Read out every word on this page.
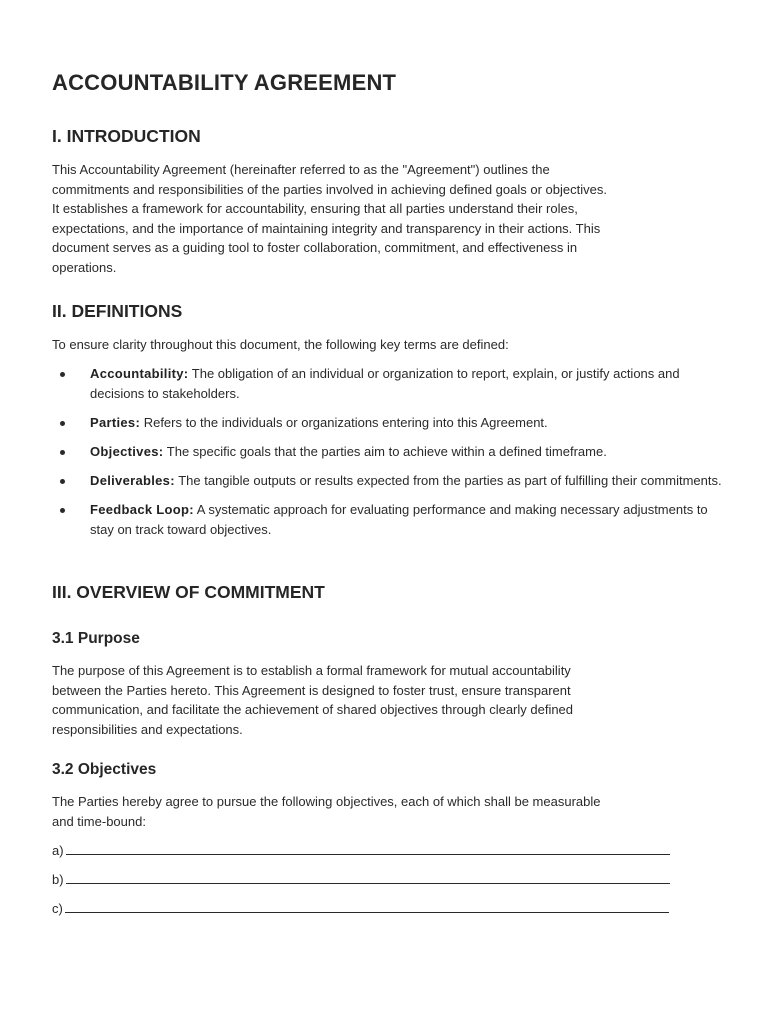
ACCOUNTABILITY AGREEMENT
I. INTRODUCTION

This Accountability Agreement (hereinafter referred to as the "Agreement") outlines the
commitments and responsibilities of the parties involved in achieving defined goals or objectives.
It establishes a framework for accountability, ensuring that all parties understand their roles,
expectations, and the importance of maintaining integrity and transparency in their actions. This
document serves as a guiding tool to foster collaboration, commitment, and effectiveness in
operations.

II. DEFINITIONS

To ensure clarity throughout this document, the following key terms are defined:

Accountability: The obligation of an individual or organization to report, explain, or justify actions and decisions to stakeholders.
Parties: Refers to the individuals or organizations entering into this Agreement.
Objectives: The specific goals that the parties aim to achieve within a defined timeframe.
Deliverables: The tangible outputs or results expected from the parties as part of fulfilling their commitments.
Feedback Loop: A systematic approach for evaluating performance and making necessary adjustments to stay on track toward objectives.
III. OVERVIEW OF COMMITMENT
3.1 Purpose

The purpose of this Agreement is to establish a formal framework for mutual accountability
between the Parties hereto. This Agreement is designed to foster trust, ensure transparent
communication, and facilitate the achievement of shared objectives through clearly defined
responsibilities and expectations.

3.2 Objectives

The Parties hereby agree to pursue the following objectives, each of which shall be measurable
and time-bound:

a)
b)
c)
